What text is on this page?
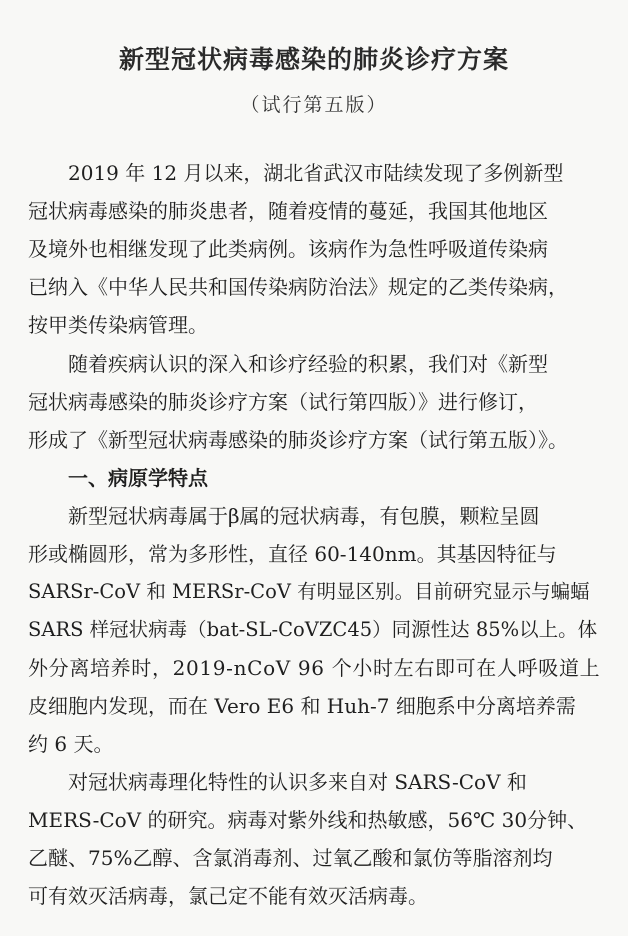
新型冠状病毒感染的肺炎诊疗方案
（试行第五版）
　　2019 年 12 月以来，湖北省武汉市陆续发现了多例新型
冠状病毒感染的肺炎患者，随着疫情的蔓延，我国其他地区
及境外也相继发现了此类病例。该病作为急性呼吸道传染病
已纳入《中华人民共和国传染病防治法》规定的乙类传染病，
按甲类传染病管理。
　　随着疾病认识的深入和诊疗经验的积累，我们对《新型
冠状病毒感染的肺炎诊疗方案（试行第四版）》进行修订，
形成了《新型冠状病毒感染的肺炎诊疗方案（试行第五版）》。
　　一、病原学特点
　　新型冠状病毒属于β属的冠状病毒，有包膜，颗粒呈圆
形或椭圆形，常为多形性，直径 60-140nm。其基因特征与
SARSr-CoV 和 MERSr-CoV 有明显区别。目前研究显示与蝙蝠
SARS 样冠状病毒（bat-SL-CoVZC45）同源性达 85%以上。体
外分离培养时，2019-nCoV 96 个小时左右即可在人呼吸道上
皮细胞内发现，而在 Vero E6 和 Huh-7 细胞系中分离培养需
约 6 天。
　　对冠状病毒理化特性的认识多来自对 SARS-CoV 和
MERS-CoV 的研究。病毒对紫外线和热敏感，56℃ 30分钟、
乙醚、75%乙醇、含氯消毒剂、过氧乙酸和氯仿等脂溶剂均
可有效灭活病毒，氯己定不能有效灭活病毒。
